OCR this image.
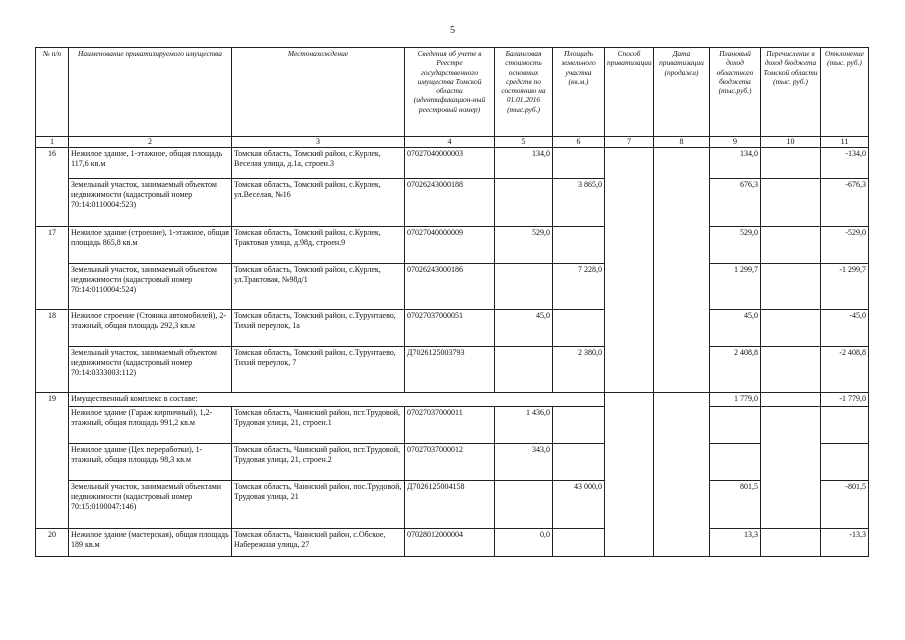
5
№ п/п	Наименование приватизируемого имущества	Местонахождение	Сведения об учете в Реестре государственного имущества Томской области (идентификацион-ный реестровый номер)	Балансовая стоимость основных средств по состоянию на 01.01.2016 (тыс.руб.)	Площадь земельного участка (кв.м.)	Способ приватизации	Дата приватизации (продажи)	Плановый доход областного бюджета (тыс.руб.)	Перечисление в доход бюджета Томской области (тыс. руб.)	Отклонение (тыс. руб.)
1	2	3	4	5	6	7	8	9	10	11
16	Нежилое здание, 1-этажное, общая площадь 117,6 кв.м	Томская область, Томский район, с.Курлек, Веселая улица, д.1а, строен.3	07027040000003	134,0				134,0		-134,0
	Земельный участок, занимаемый объектом недвижимости (кадастровый номер 70:14:0110004:523)	Томская область, Томский район, с.Курлек, ул.Веселая, №16	07026243000188		3 865,0			676,3		-676,3
17	Нежилое здание (строение), 1-этажное, общая площадь 865,8 кв.м	Томская область, Томский район, с.Курлек, Трактовая улица, д.98д, строен.9	07027040000009	529,0				529,0		-529,0
	Земельный участок, занимаемый объектом недвижимости (кадастровый номер 70:14:0110004:524)	Томская область, Томский район, с.Курлек, ул.Трактовая, №98д/1	07026243000186		7 228,0			1 299,7		-1 299,7
18	Нежилое строение (Стоянка автомобилей), 2-этажный, общая площадь 292,3 кв.м	Томская область, Томский район, с.Турунтаево, Тихий переулок, 1а	07027037000051	45,0				45,0		-45,0
	Земельный участок, занимаемый объектом недвижимости (кадастровый номер 70:14:0333003:112)	Томская область, Томский район, с.Турунтаево, Тихий переулок, 7	Д70261250037​93		2 380,0			2 408,8		-2 408,8
19	Имущественный комплекс в составе:							1 779,0		-1 779,0
	Нежилое здание (Гараж кирпичный), 1,2-этажный, общая площадь 991,2 кв.м	Томская область, Чаинский район, пст.Трудовой, Трудовая улица, 21, строен.1	07027037000011	1 436,0						
	Нежилое здание (Цех переработки), 1-этажный, общая площадь 98,3 кв.м	Томская область, Чаинский район, пст.Трудовой, Трудовая улица, 21, строен.2	07027037000012	343,0						
	Земельный участок, занимаемый объектами недвижимости (кадастровый номер 70:15:0100047:146)	Томская область, Чаинский район, пос.Трудовой, Трудовая улица, 21	Д70261250041​58		43 000,0			801,5		-801,5
20	Нежилое здание (мастерская), общая площадь 189 кв.м	Томская область, Чаинский район, с.Обское, Набережная улица, 27	07028012000004	0,0				13,3		-13,3
